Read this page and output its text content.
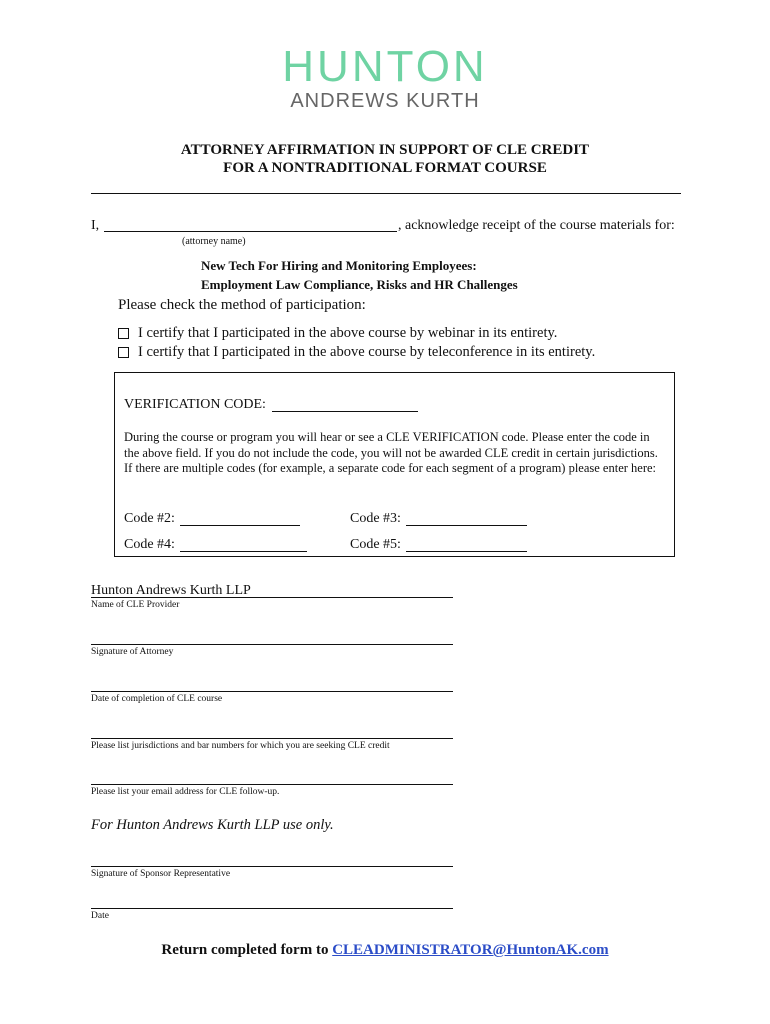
HUNTON
ANDREWS KURTH
ATTORNEY AFFIRMATION IN SUPPORT OF CLE CREDIT
FOR A NONTRADITIONAL FORMAT COURSE
I,	, acknowledge receipt of the course materials for:
(attorney name)
New Tech For Hiring and Monitoring Employees:
Employment Law Compliance, Risks and HR Challenges
Please check the method of participation:
I certify that I participated in the above course by webinar in its entirety.
I certify that I participated in the above course by teleconference in its entirety.
VERIFICATION CODE:
During the course or program you will hear or see a CLE VERIFICATION code. Please enter the code in the above field. If you do not include the code, you will not be awarded CLE credit in certain jurisdictions. If there are multiple codes (for example, a separate code for each segment of a program) please enter here:
Code #2:	Code #3:
Code #4:	Code #5:
Hunton Andrews Kurth LLP
Name of CLE Provider
Signature of Attorney
Date of completion of CLE course
Please list jurisdictions and bar numbers for which you are seeking CLE credit
Please list your email address for CLE follow-up.
For Hunton Andrews Kurth LLP use only.
Signature of Sponsor Representative
Date
Return completed form to CLEADMINISTRATOR@HuntonAK.com
